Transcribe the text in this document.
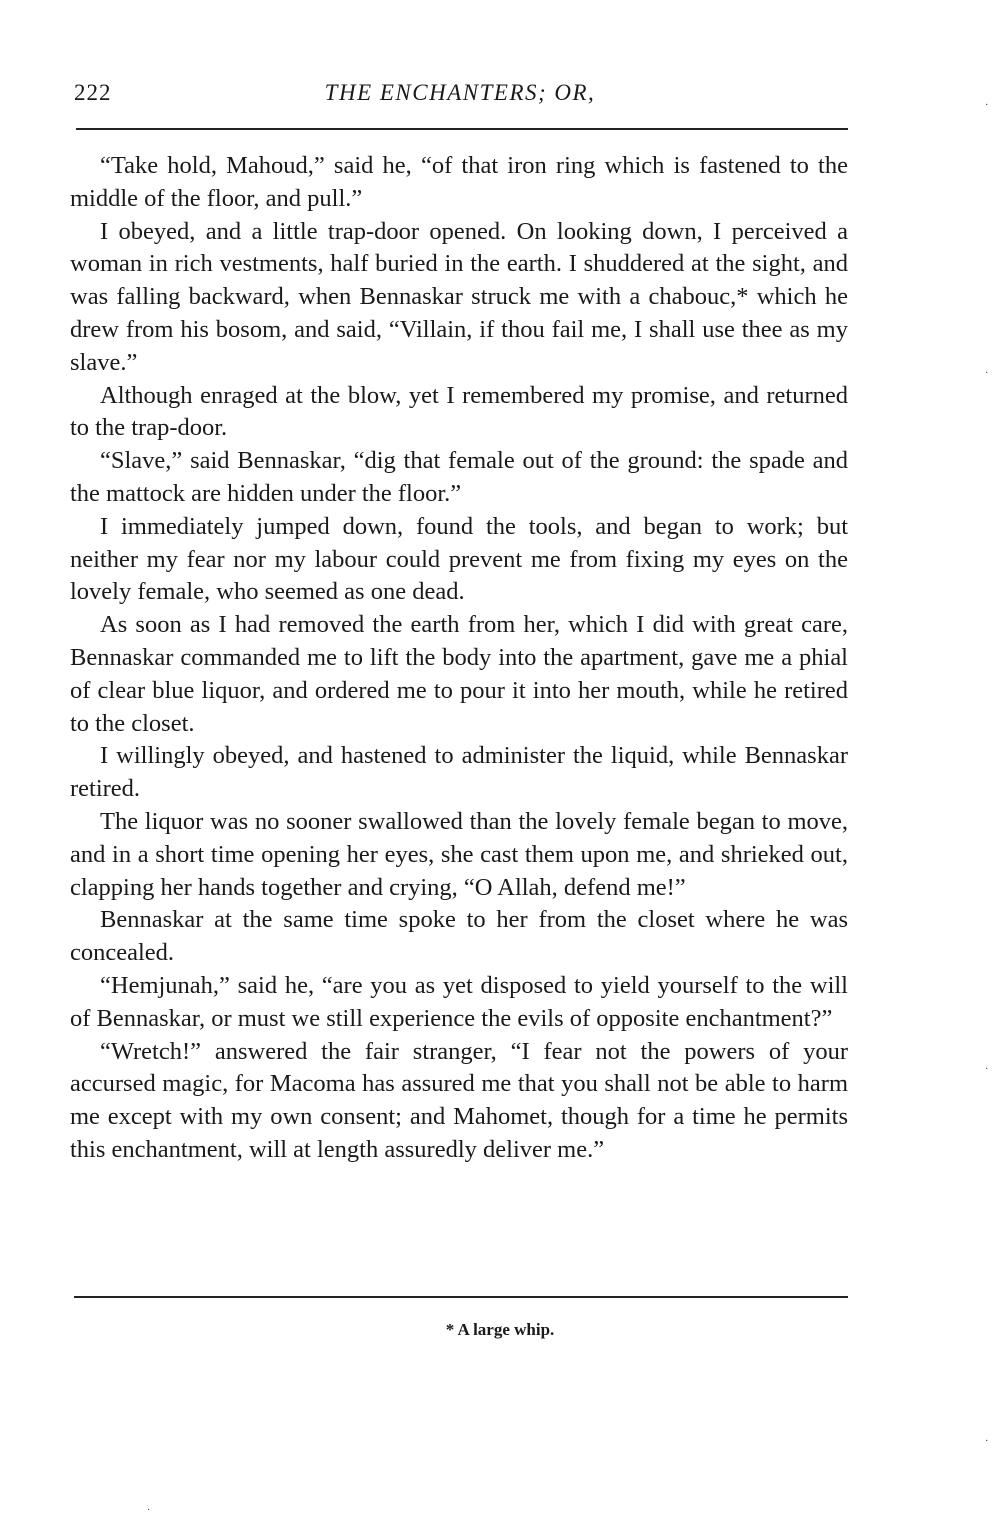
222	THE ENCHANTERS; OR,

“Take hold, Mahoud,” said he, “of that iron ring which is fastened to the middle of the floor, and pull.”

I obeyed, and a little trap-door opened. On looking down, I perceived a woman in rich vestments, half buried in the earth. I shuddered at the sight, and was falling backward, when Bennaskar struck me with a chabouc,* which he drew from his bosom, and said, “Villain, if thou fail me, I shall use thee as my slave.”

Although enraged at the blow, yet I remembered my promise, and returned to the trap-door.

“Slave,” said Bennaskar, “dig that female out of the ground: the spade and the mattock are hidden under the floor.”

I immediately jumped down, found the tools, and began to work; but neither my fear nor my labour could prevent me from fixing my eyes on the lovely female, who seemed as one dead.

As soon as I had removed the earth from her, which I did with great care, Bennaskar commanded me to lift the body into the apartment, gave me a phial of clear blue liquor, and ordered me to pour it into her mouth, while he retired to the closet.

I willingly obeyed, and hastened to administer the liquid, while Bennaskar retired.

The liquor was no sooner swallowed than the lovely female began to move, and in a short time opening her eyes, she cast them upon me, and shrieked out, clapping her hands together and crying, “O Allah, defend me!”

Bennaskar at the same time spoke to her from the closet where he was concealed.

“Hemjunah,” said he, “are you as yet disposed to yield yourself to the will of Bennaskar, or must we still experience the evils of opposite enchantment?”

“Wretch!” answered the fair stranger, “I fear not the powers of your accursed magic, for Macoma has assured me that you shall not be able to harm me except with my own consent; and Mahomet, though for a time he permits this enchantment, will at length assuredly deliver me.”

* A large whip.
·
·
·
·
·
